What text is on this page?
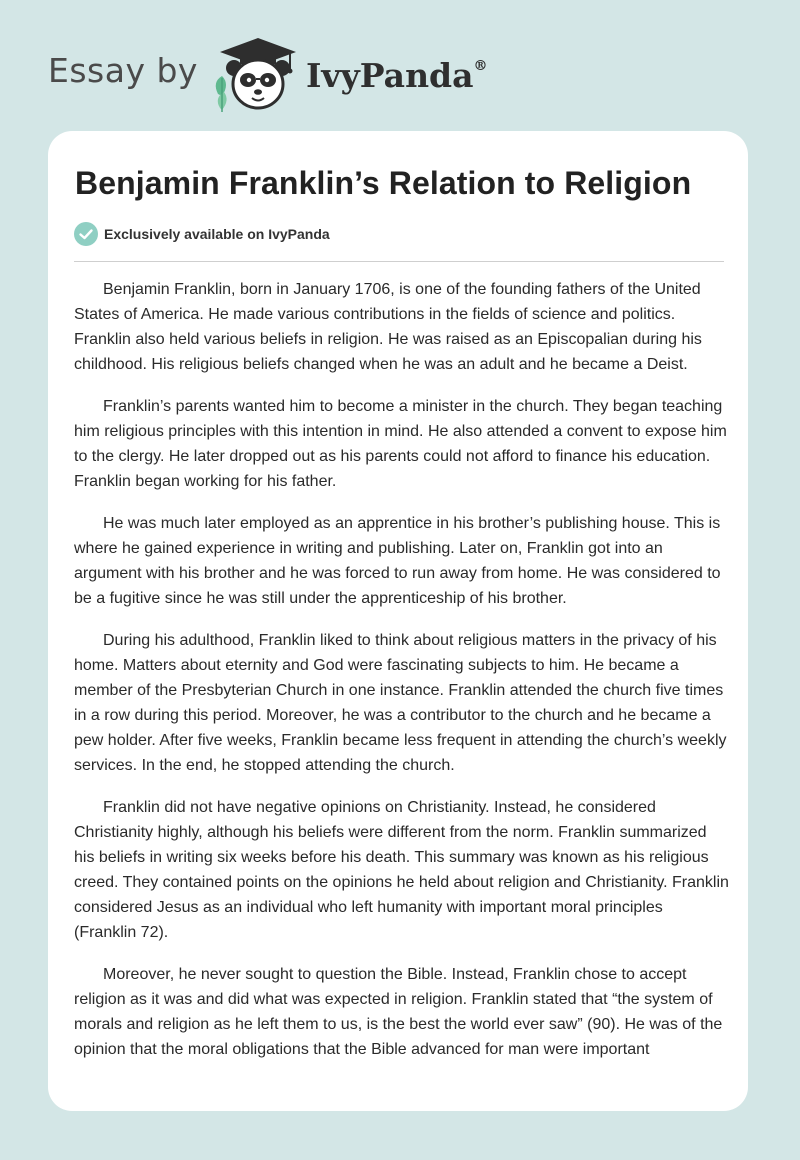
Essay by	IvyPanda®
Benjamin Franklin’s Relation to Religion
Exclusively available on IvyPanda

Benjamin Franklin, born in January 1706, is one of the founding fathers of the United States of America. He made various contributions in the fields of science and politics. Franklin also held various beliefs in religion. He was raised as an Episcopalian during his childhood. His religious beliefs changed when he was an adult and he became a Deist.

Franklin’s parents wanted him to become a minister in the church. They began teaching him religious principles with this intention in mind. He also attended a convent to expose him to the clergy. He later dropped out as his parents could not afford to finance his education. Franklin began working for his father.

He was much later employed as an apprentice in his brother’s publishing house. This is where he gained experience in writing and publishing. Later on, Franklin got into an argument with his brother and he was forced to run away from home. He was considered to be a fugitive since he was still under the apprenticeship of his brother.

During his adulthood, Franklin liked to think about religious matters in the privacy of his home. Matters about eternity and God were fascinating subjects to him. He became a member of the Presbyterian Church in one instance. Franklin attended the church five times in a row during this period. Moreover, he was a contributor to the church and he became a pew holder. After five weeks, Franklin became less frequent in attending the church’s weekly services. In the end, he stopped attending the church.

Franklin did not have negative opinions on Christianity. Instead, he considered Christianity highly, although his beliefs were different from the norm. Franklin summarized his beliefs in writing six weeks before his death. This summary was known as his religious creed. They contained points on the opinions he held about religion and Christianity. Franklin considered Jesus as an individual who left humanity with important moral principles (Franklin 72).

Moreover, he never sought to question the Bible. Instead, Franklin chose to accept religion as it was and did what was expected in religion. Franklin stated that “the system of morals and religion as he left them to us, is the best the world ever saw” (90). He was of the opinion that the moral obligations that the Bible advanced for man were important
